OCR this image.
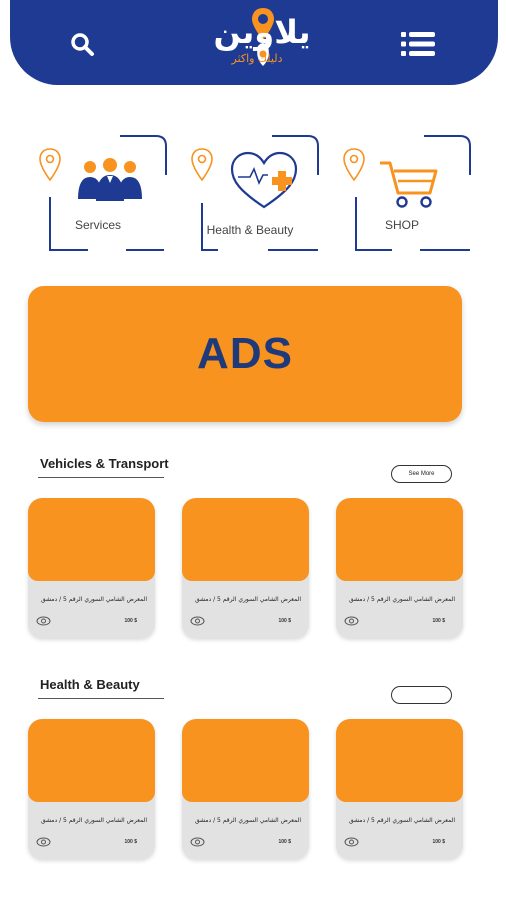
يلاوين
دليلك واكثر
Services	Health & Beauty	SHOP
ADS
Vehicles & Transport
See More
المعرض الشامي السوري الرقم 5 / دمشق
100 $
المعرض الشامي السوري الرقم 5 / دمشق
100 $
المعرض الشامي السوري الرقم 5 / دمشق
100 $
Health & Beauty
المعرض الشامي السوري الرقم 5 / دمشق
100 $
المعرض الشامي السوري الرقم 5 / دمشق
100 $
المعرض الشامي السوري الرقم 5 / دمشق
100 $
